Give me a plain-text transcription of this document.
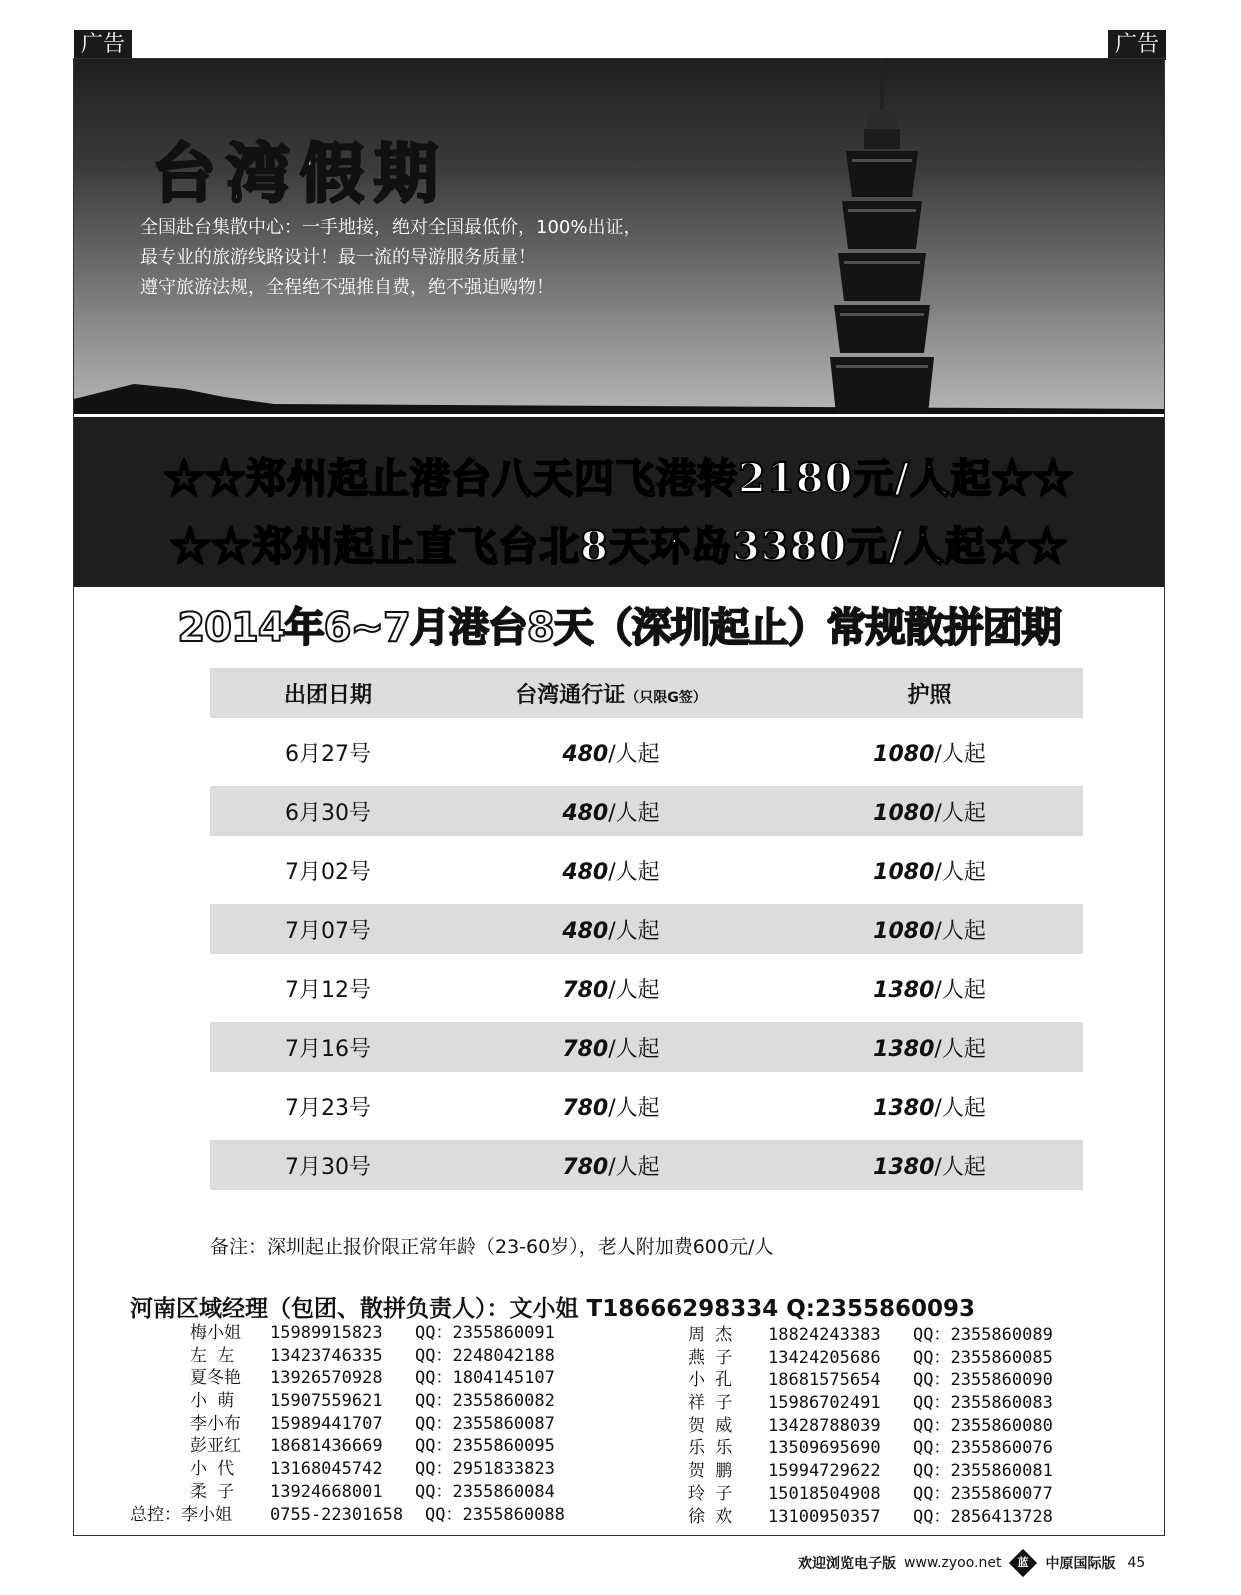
广告	广告
台湾假期
全国赴台集散中心：一手地接，绝对全国最低价，100%出证，
最专业的旅游线路设计！最一流的导游服务质量！
遵守旅游法规，全程绝不强推自费，绝不强迫购物！
☆☆郑州起止港台八天四飞港转2180元/人起☆☆
☆☆郑州起止直飞台北8天环岛3380元/人起☆☆
2014年6~7月港台8天（深圳起止）常规散拼团期
出团日期	台湾通行证（只限G签）	护照
6月27号	480/人起	1080/人起
6月30号	480/人起	1080/人起
7月02号	480/人起	1080/人起
7月07号	480/人起	1080/人起
7月12号	780/人起	1380/人起
7月16号	780/人起	1380/人起
7月23号	780/人起	1380/人起
7月30号	780/人起	1380/人起
备注：深圳起止报价限正常年龄（23-60岁），老人附加费600元/人
河南区域经理（包团、散拼负责人）：文小姐 T18666298334 Q:2355860093
梅小姐	15989915823	QQ：2355860091
左 左	13423746335	QQ：2248042188
夏冬艳	13926570928	QQ：1804145107
小 萌	15907559621	QQ：2355860082
李小布	15989441707	QQ：2355860087
彭亚红	18681436669	QQ：2355860095
小 代	13168045742	QQ：2951833823
柔 子	13924668001	QQ：2355860084
总控：李小姐	0755-22301658	QQ：2355860088
周 杰	18824243383	QQ：2355860089
燕 子	13424205686	QQ：2355860085
小 孔	18681575654	QQ：2355860090
祥 子	15986702491	QQ：2355860083
贺 威	13428788039	QQ：2355860080
乐 乐	13509695690	QQ：2355860076
贺 鹏	15994729622	QQ：2355860081
玲 子	15018504908	QQ：2355860077
徐 欢	13100950357	QQ：2856413728
欢迎浏览电子版 www.zyoo.net	蓝	中原国际版 45
